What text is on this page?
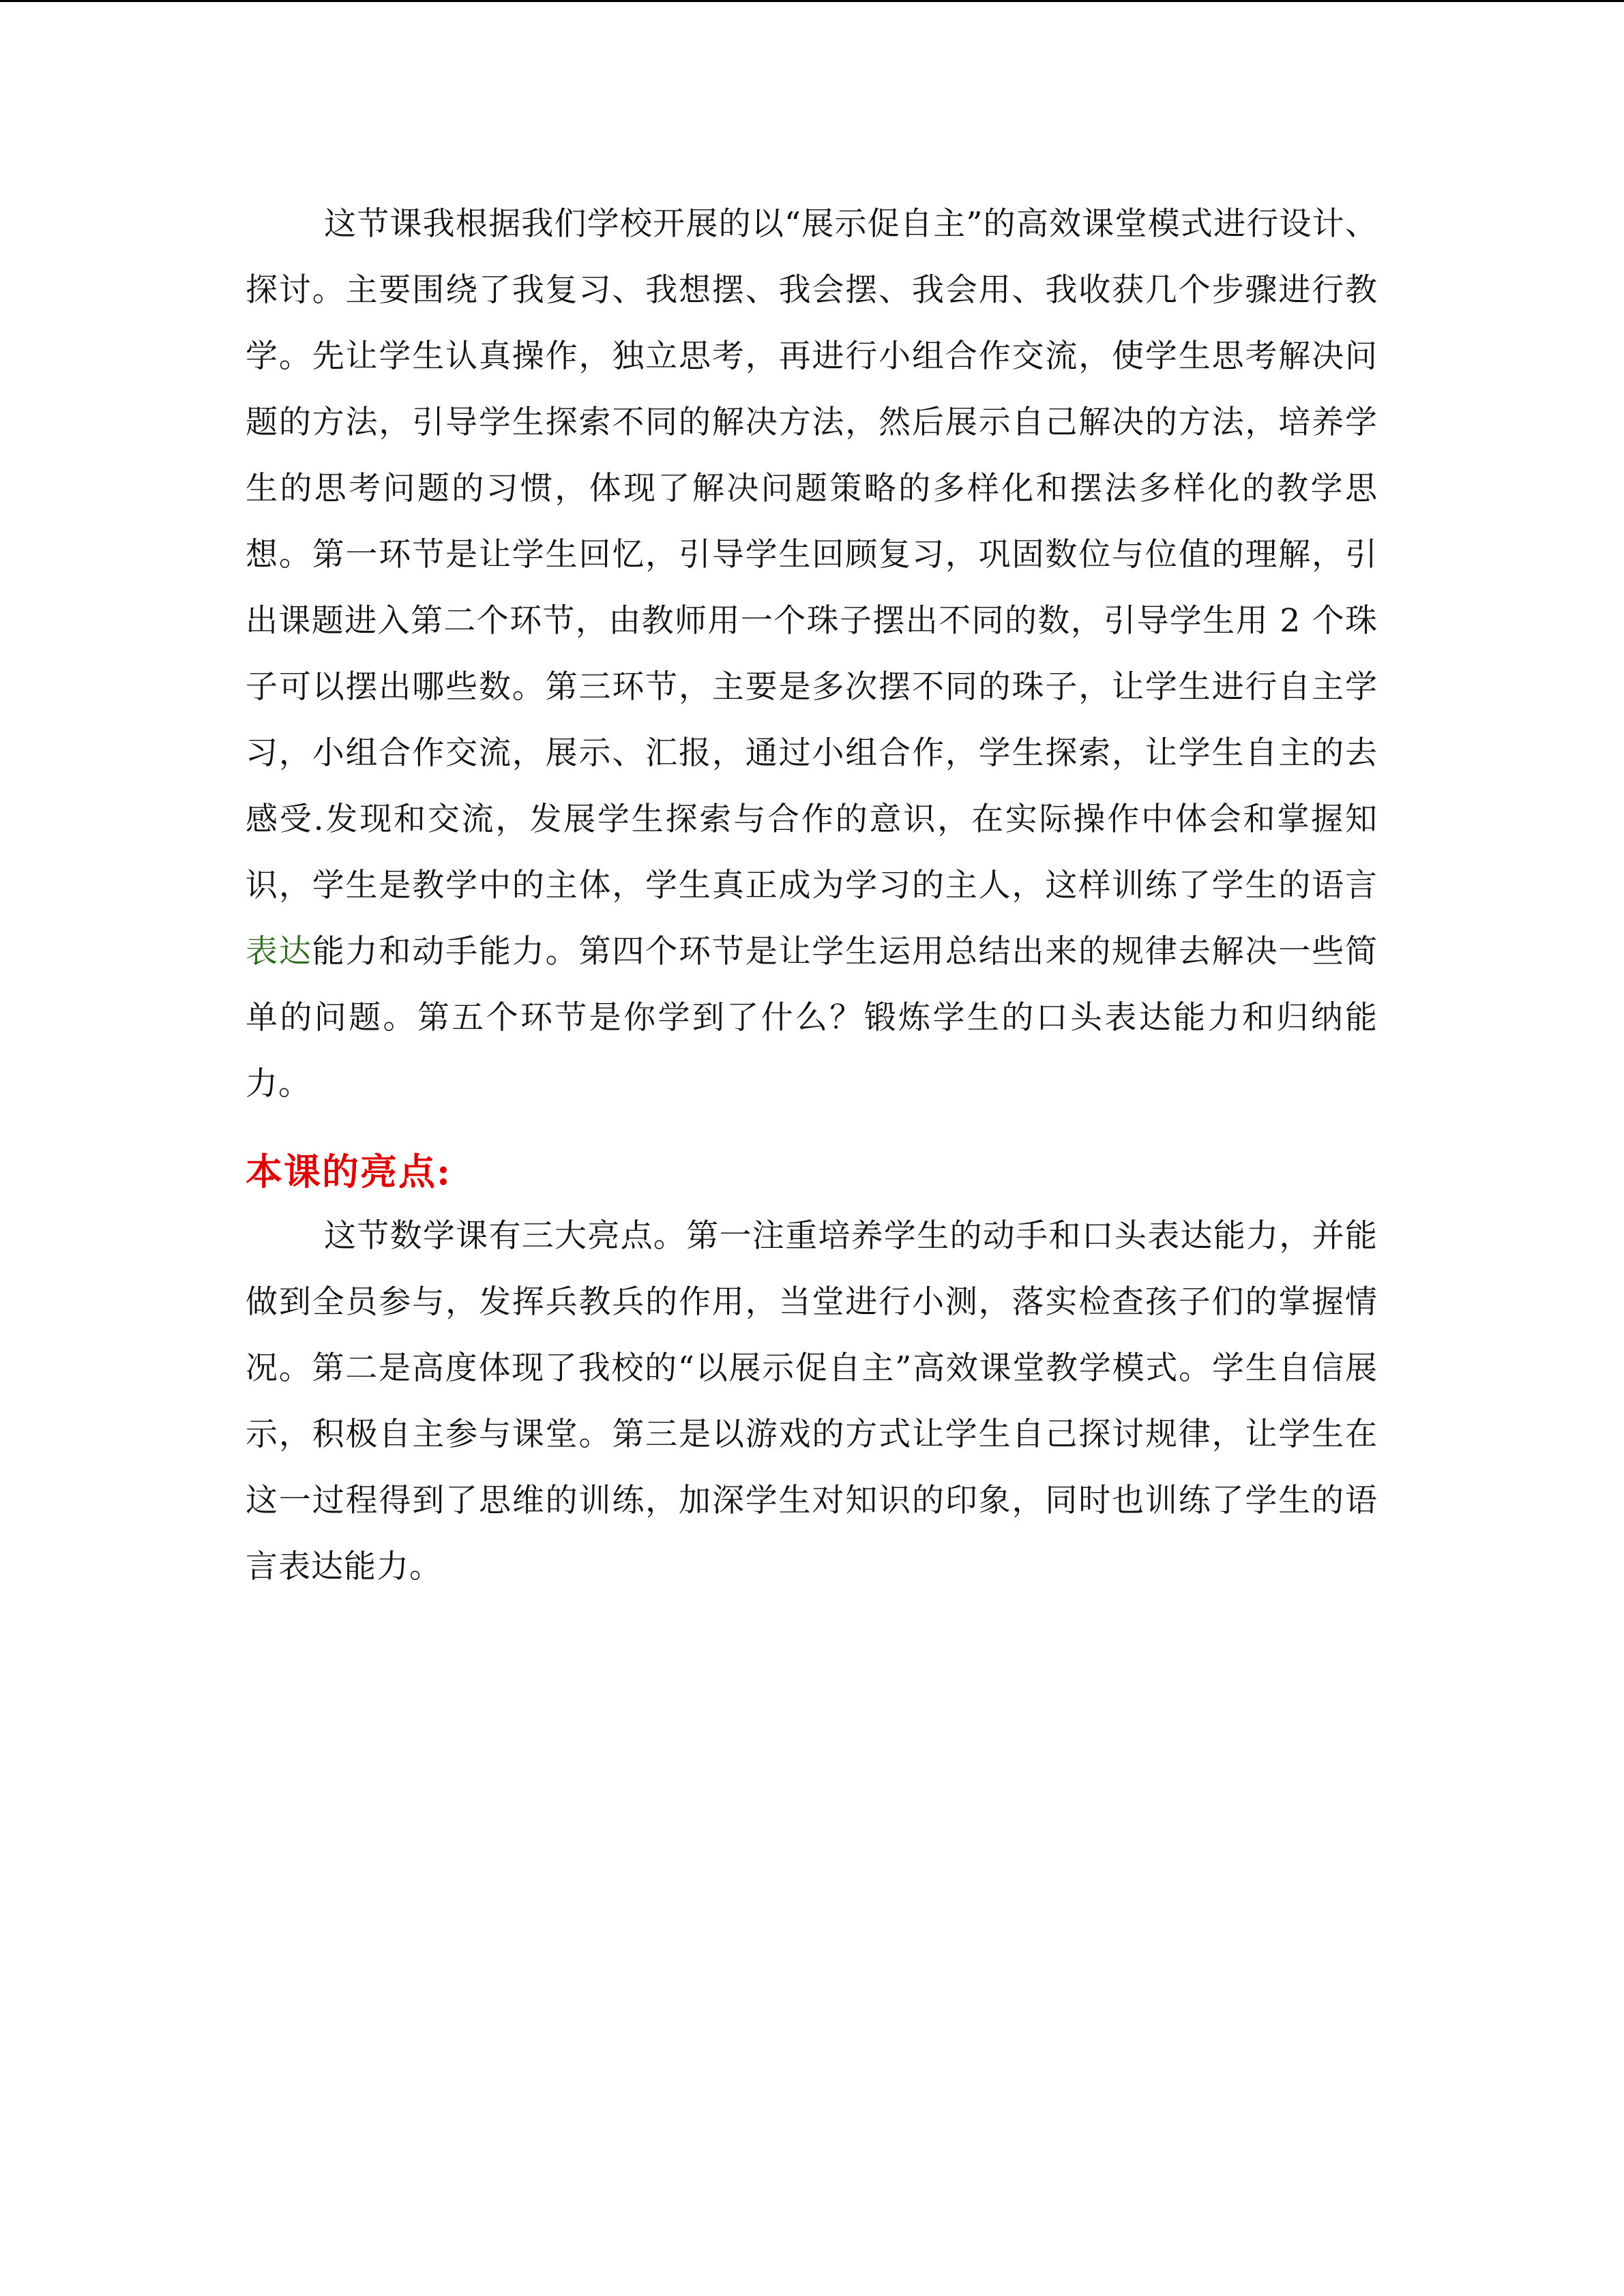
这节课我根据我们学校开展的以“展示促自主”的高效课堂模式进行设计、探讨。主要围绕了我复习、我想摆、我会摆、我会用、我收获几个步骤进行教学。先让学生认真操作，独立思考，再进行小组合作交流，使学生思考解决问题的方法，引导学生探索不同的解决方法，然后展示自己解决的方法，培养学生的思考问题的习惯，体现了解决问题策略的多样化和摆法多样化的教学思想。第一环节是让学生回忆，引导学生回顾复习，巩固数位与位值的理解，引出课题进入第二个环节，由教师用一个珠子摆出不同的数，引导学生用 2 个珠子可以摆出哪些数。第三环节，主要是多次摆不同的珠子，让学生进行自主学习，小组合作交流，展示、汇报，通过小组合作，学生探索，让学生自主的去感受.发现和交流，发展学生探索与合作的意识，在实际操作中体会和掌握知识，学生是教学中的主体，学生真正成为学习的主人，这样训练了学生的语言表达能力和动手能力。第四个环节是让学生运用总结出来的规律去解决一些简单的问题。第五个环节是你学到了什么？锻炼学生的口头表达能力和归纳能力。

本课的亮点:

这节数学课有三大亮点。第一注重培养学生的动手和口头表达能力，并能做到全员参与，发挥兵教兵的作用，当堂进行小测，落实检查孩子们的掌握情况。第二是高度体现了我校的“以展示促自主”高效课堂教学模式。学生自信展示，积极自主参与课堂。第三是以游戏的方式让学生自己探讨规律，让学生在这一过程得到了思维的训练，加深学生对知识的印象，同时也训练了学生的语言表达能力。
